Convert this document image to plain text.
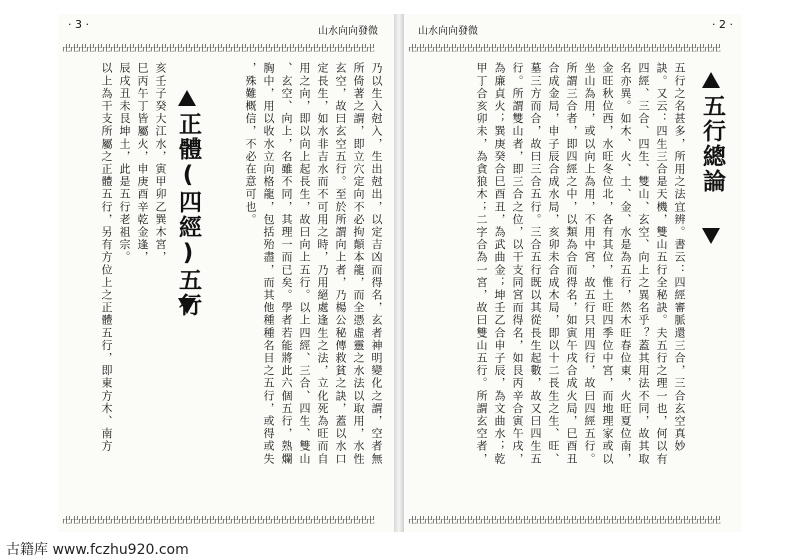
· 3 ·
山水向向發微
卍卍卍卍卍卍卍卍卍卍卍卍卍卍卍卍卍卍卍卍卍卍卍卍卍卍卍卍卍卍卍卍卍卍卍卍卍卍卍
卍卍卍卍卍卍卍卍卍卍卍卍卍卍卍卍卍卍卍卍卍卍卍卍卍卍卍卍卍卍卍卍卍卍卍卍卍卍卍
乃以生入尅入，生出尅出，以定吉凶而得名，玄者神明變化之謂，空者無
所倚著之謂，即立穴定向不必拘顛本龍，而全憑虛靈之水法以取用，水性
玄空，故曰玄空五行。至於所謂向上者，乃楊公秘傳救貧之訣，蓋以水口
定長生，如水非吉水而不可用之時，乃用絕處逢生之法，立化死為旺而自
用之向，即以向上起長生，故曰向上五行。以上四經、三合、四生、雙山
、玄空、向上，名雖不同，其理一而已矣。學者若能將此六個五行，熟爛
胸中，用以收水立向格龍，包括殆盡，而其他種種名目之五行，或得或失
，殊難概信，不必在意可也。
亥壬子癸大江水，寅甲卯乙巽木宮，
巳丙午丁皆屬火，申庚酉辛乾金逢，
辰戌丑未艮坤土，此是五行老祖宗。
以上為干支所屬之正體五行，另有方位上之正體五行，即東方木、南方	正體(四經)五行
山水向向發微
· 2 ·
卍卍卍卍卍卍卍卍卍卍卍卍卍卍卍卍卍卍卍卍卍卍卍卍卍卍卍卍卍卍卍卍卍卍卍卍卍卍卍
卍卍卍卍卍卍卍卍卍卍卍卍卍卍卍卍卍卍卍卍卍卍卍卍卍卍卍卍卍卍卍卍卍卍卍卍卍卍卍
五行總論
五行之名甚多，所用之法宜辨。書云：四經審脈還三合，三合玄空真妙
訣。又云：四生三合是天機，雙山五行全秘訣。夫五行之理一也，何以有
四經、三合、四生、雙山、玄空、向上之異名乎？蓋其用法不同，故其取
名亦異。如木、火、土、金、水是為五行，然木旺春位東，火旺夏位南，
金旺秋位西，水旺冬位北，各有其位，惟土旺四季位中宮，而地理家或以
坐山為用，或以向上為用，不用中宮，故五行只用四行，故曰四經五行。
所謂三合者，即四經之中，以類為合而得名，如寅午戌合成火局，巳酉丑
合成金局，申子辰合成水局，亥卯未合成木局，即以十二長生之生、旺、
墓三方而合，故曰三合五行。三合五行既以其從長生起數，故又曰四生五
行。所謂雙山者，即三合之位，以干支同宮而得名，如艮丙辛合寅午戌，
為廉貞火；巽庚癸合巳酉丑，為武曲金；坤壬乙合申子辰，為文曲水；乾
甲丁合亥卯未，為貪狼木；二字合為一宮，故曰雙山五行。所謂玄空者，
古籍库 www.fczhu920.com
